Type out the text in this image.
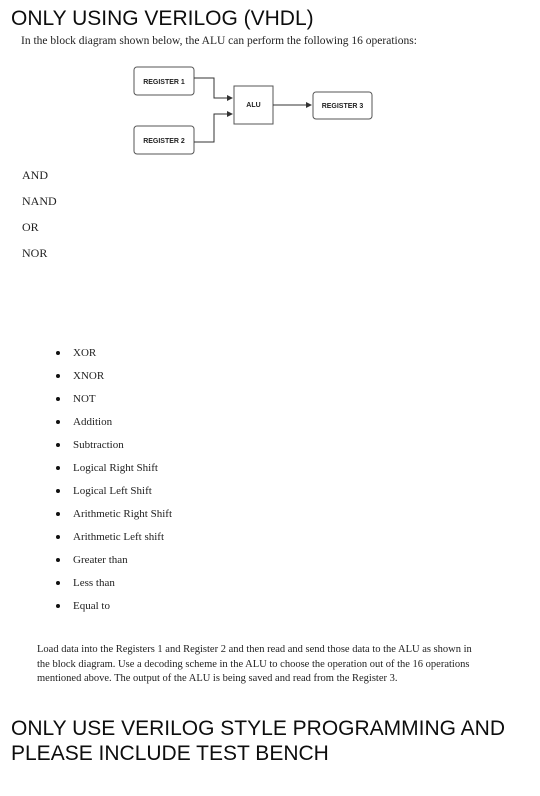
ONLY USING VERILOG (VHDL)
In the block diagram shown below, the ALU can perform the following 16 operations:
REGISTER 1
REGISTER 2
ALU	REGISTER 3
AND
NAND
OR
NOR
XOR
XNOR
NOT
Addition
Subtraction
Logical Right Shift
Logical Left Shift
Arithmetic Right Shift
Arithmetic Left shift
Greater than
Less than
Equal to

Load data into the Registers 1 and Register 2 and then read and send those data to the ALU as shown in the block diagram. Use a decoding scheme in the ALU to choose the operation out of the 16 operations mentioned above. The output of the ALU is being saved and read from the Register 3.

ONLY USE VERILOG STYLE PROGRAMMING AND PLEASE INCLUDE TEST BENCH
